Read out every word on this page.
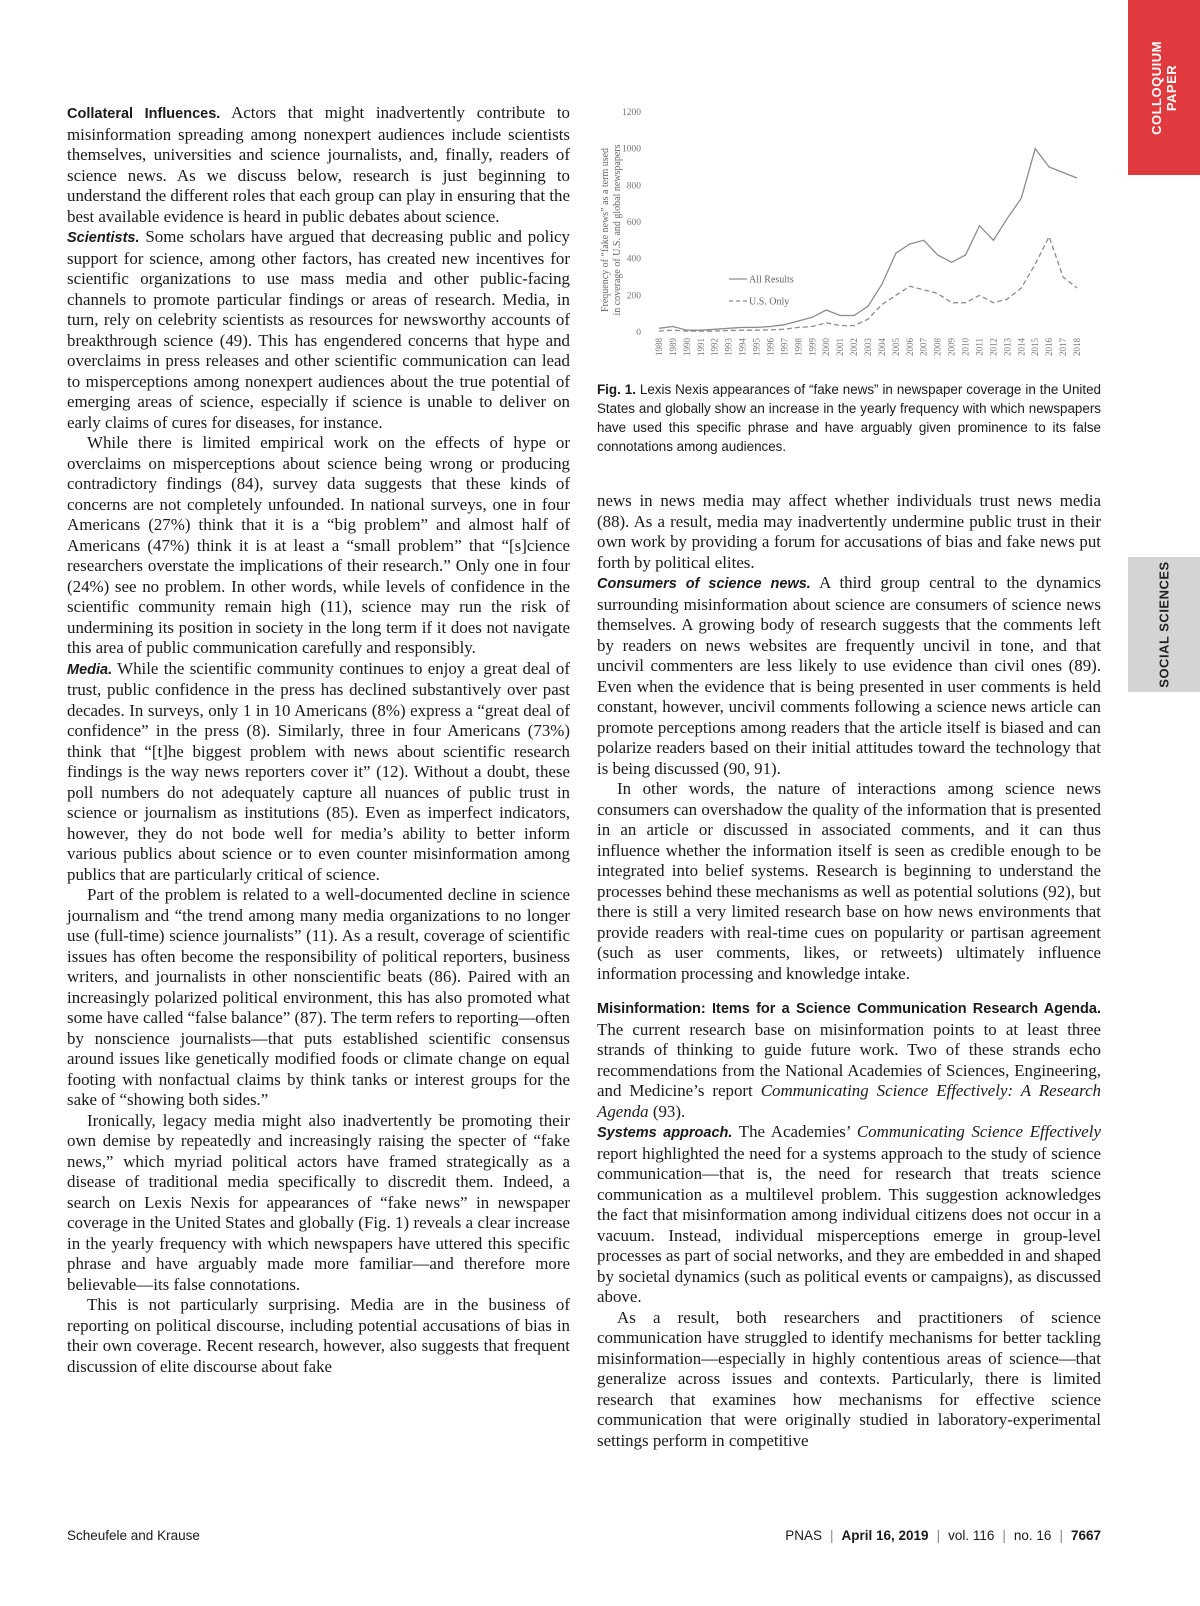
COLLOQUIUM
PAPER
SOCIAL SCIENCES

Collateral Influences. Actors that might inadvertently contribute to misinformation spreading among nonexpert audiences include scientists themselves, universities and science journalists, and, finally, readers of science news. As we discuss below, research is just beginning to understand the different roles that each group can play in ensuring that the best available evidence is heard in public debates about science.

Scientists. Some scholars have argued that decreasing public and policy support for science, among other factors, has created new incentives for scientific organizations to use mass media and other public-facing channels to promote particular findings or areas of research. Media, in turn, rely on celebrity scientists as resources for newsworthy accounts of breakthrough science (49). This has engendered concerns that hype and overclaims in press releases and other scientific communication can lead to misperceptions among nonexpert audiences about the true potential of emerging areas of science, especially if science is unable to deliver on early claims of cures for diseases, for instance.

While there is limited empirical work on the effects of hype or overclaims on misperceptions about science being wrong or producing contradictory findings (84), survey data suggests that these kinds of concerns are not completely unfounded. In national surveys, one in four Americans (27%) think that it is a “big problem” and almost half of Americans (47%) think it is at least a “small problem” that “[s]cience researchers overstate the implications of their research.” Only one in four (24%) see no problem. In other words, while levels of confidence in the scientific community remain high (11), science may run the risk of undermining its position in society in the long term if it does not navigate this area of public communication carefully and responsibly.

Media. While the scientific community continues to enjoy a great deal of trust, public confidence in the press has declined substantively over past decades. In surveys, only 1 in 10 Americans (8%) express a “great deal of confidence” in the press (8). Similarly, three in four Americans (73%) think that “[t]he biggest problem with news about scientific research findings is the way news reporters cover it” (12). Without a doubt, these poll numbers do not adequately capture all nuances of public trust in science or journalism as institutions (85). Even as imperfect indicators, however, they do not bode well for media’s ability to better inform various publics about science or to even counter misinformation among publics that are particularly critical of science.

Part of the problem is related to a well-documented decline in science journalism and “the trend among many media organizations to no longer use (full-time) science journalists” (11). As a result, coverage of scientific issues has often become the responsibility of political reporters, business writers, and journalists in other nonscientific beats (86). Paired with an increasingly polarized political environment, this has also promoted what some have called “false balance” (87). The term refers to reporting—often by nonscience journalists—that puts established scientific consensus around issues like genetically modified foods or climate change on equal footing with nonfactual claims by think tanks or interest groups for the sake of “showing both sides.”

Ironically, legacy media might also inadvertently be promoting their own demise by repeatedly and increasingly raising the specter of “fake news,” which myriad political actors have framed strategically as a disease of traditional media specifically to discredit them. Indeed, a search on Lexis Nexis for appearances of “fake news” in newspaper coverage in the United States and globally (Fig. 1) reveals a clear increase in the yearly frequency with which newspapers have uttered this specific phrase and have arguably made more familiar—and therefore more believable—its false connotations.

This is not particularly surprising. Media are in the business of reporting on political discourse, including potential accusations of bias in their own coverage. Recent research, however, also suggests that frequent discussion of elite discourse about fake

Frequency of “fake news” as a term used in coverage of U.S. and global newspapers
0
200
400
600
800
1000
1200
1988 1989 1990 1991 1992 1993 1994 1995 1996 1997 1998 1999 2000 2001 2002 2003 2004 2005 2006 2007 2008 2009 2010 2011 2012 2013 2014 2015 2016 2017 2018
All Results
U.S. Only
Fig. 1. Lexis Nexis appearances of “fake news” in newspaper coverage in the United States and globally show an increase in the yearly frequency with which newspapers have used this specific phrase and have arguably given prominence to its false connotations among audiences.

news in news media may affect whether individuals trust news media (88). As a result, media may inadvertently undermine public trust in their own work by providing a forum for accusations of bias and fake news put forth by political elites.

Consumers of science news. A third group central to the dynamics surrounding misinformation about science are consumers of science news themselves. A growing body of research suggests that the comments left by readers on news websites are frequently uncivil in tone, and that uncivil commenters are less likely to use evidence than civil ones (89). Even when the evidence that is being presented in user comments is held constant, however, uncivil comments following a science news article can promote perceptions among readers that the article itself is biased and can polarize readers based on their initial attitudes toward the technology that is being discussed (90, 91).

In other words, the nature of interactions among science news consumers can overshadow the quality of the information that is presented in an article or discussed in associated comments, and it can thus influence whether the information itself is seen as credible enough to be integrated into belief systems. Research is beginning to understand the processes behind these mechanisms as well as potential solutions (92), but there is still a very limited research base on how news environments that provide readers with real-time cues on popularity or partisan agreement (such as user comments, likes, or retweets) ultimately influence information processing and knowledge intake.

Misinformation: Items for a Science Communication Research Agenda. The current research base on misinformation points to at least three strands of thinking to guide future work. Two of these strands echo recommendations from the National Academies of Sciences, Engineering, and Medicine’s report Communicating Science Effectively: A Research Agenda (93).

Systems approach. The Academies’ Communicating Science Effectively report highlighted the need for a systems approach to the study of science communication—that is, the need for research that treats science communication as a multilevel problem. This suggestion acknowledges the fact that misinformation among individual citizens does not occur in a vacuum. Instead, individual misperceptions emerge in group-level processes as part of social networks, and they are embedded in and shaped by societal dynamics (such as political events or campaigns), as discussed above.

As a result, both researchers and practitioners of science communication have struggled to identify mechanisms for better tackling misinformation—especially in highly contentious areas of science—that generalize across issues and contexts. Particularly, there is limited research that examines how mechanisms for effective science communication that were originally studied in laboratory-experimental settings perform in competitive

Scheufele and Krause	PNAS | April 16, 2019 | vol. 116 | no. 16 | 7667
